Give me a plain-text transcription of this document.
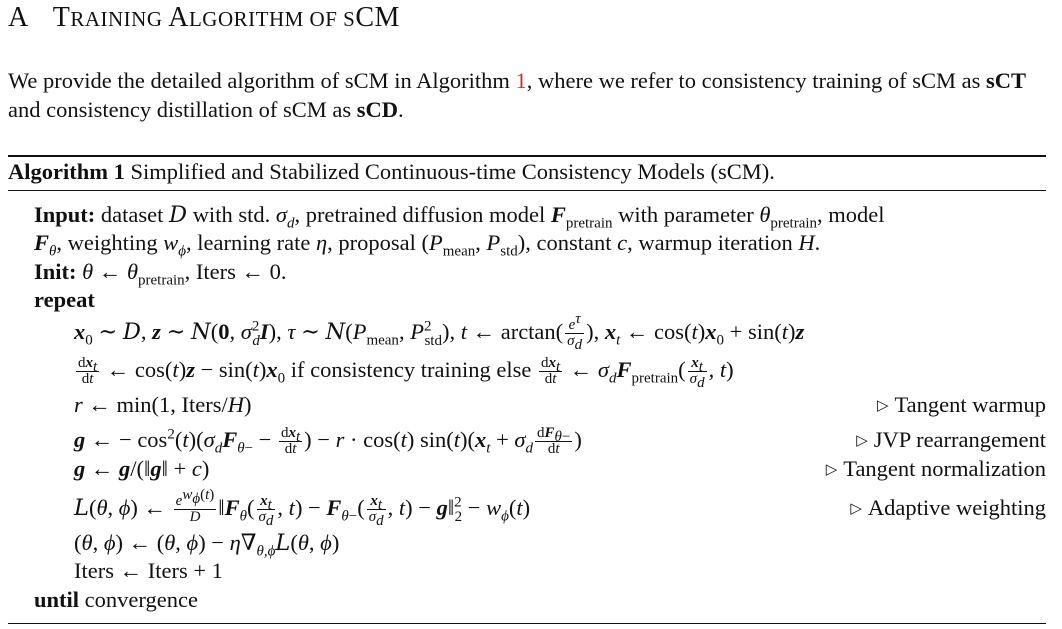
A TRAINING ALGORITHM OF SCM
We provide the detailed algorithm of sCM in Algorithm 1, where we refer to consistency training of sCM as sCT and consistency distillation of sCM as sCD.
Algorithm 1 Simplified and Stabilized Continuous-time Consistency Models (sCM).
Input: dataset D with std. $\sigma_d$, pretrained diffusion model $F_{pretrain}$ with parameter $\theta_{pretrain}$, model
$F_\theta$, weighting $w_\phi$, learning rate η, proposal ($P_{mean}$, $P_{std}$), constant c, warmup iteration H.
Init: θ ← $\theta_{pretrain}$, Iters ← 0.
repeat
$x_0$ ∼ D, z ∼ N(0, $\sigma^2_dI$), τ ∼ $N(P_{mean}$, $P^2_{std}$), t ← $\arctan( \frac{e^\tau}{\sigma_d}$ ), $x_t$ ← $\cos(t)x_0 + \sin(t)z$
$\frac{dx_t}{dt}$ ← $\cos(t)z - \sin(t)x_0$ if consistency training else $\frac{dx_t}{dt}$ ← $\sigma_dF_{pretrain}( \frac{x_t}{\sigma_d}$ , t)
r ← min(1, Iters/H)	▷ Tangent warmup
g ← − $\cos^2(t)(\sigma_dF_{\theta-} - \frac{dx_t}{dt}$ ) − r · cos(t) $\sin(t)(x_t + \sigma_d \frac{dF_{\theta-}}{dt}$ )	▷ JVP rearrangement
g ← g/(‖g‖ + c)	▷ Tangent normalization
L(θ, ϕ) ← $\frac{e^{w_\phi(t)}}{D}$ $‖F_\theta( \frac{x_t}{\sigma_d}$ , $t) - F_{\theta-}( \frac{x_t}{\sigma_d}$ , t) − g‖$^2_2$ − $w_\phi(t)$	▷ Adaptive weighting
(θ, ϕ) ← (θ, $\phi) - \eta\nabla_{\theta,\phi}L(\theta$, ϕ)
Iters ← Iters + 1
until convergence
